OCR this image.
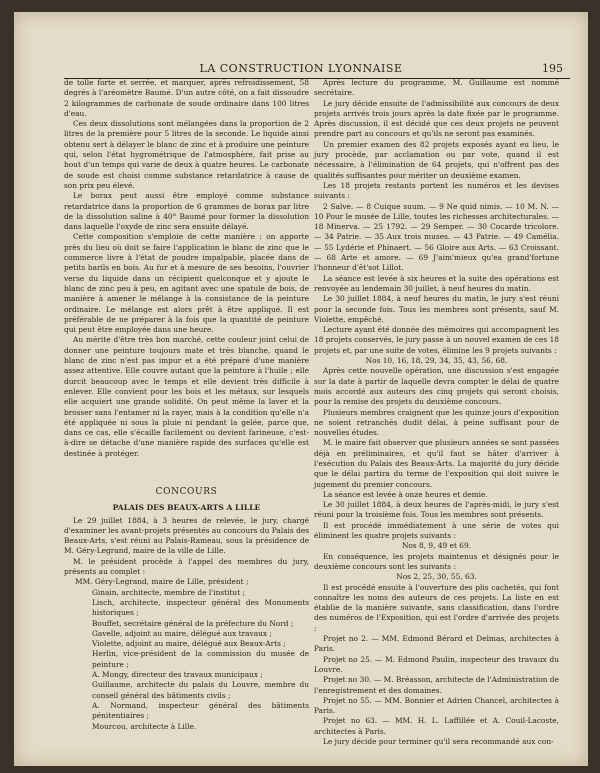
LA CONSTRUCTION LYONNAISE	195

de tolle forte et serrée, et marquer, après refroidissement, 58 degrés à l'aréomètre Baumé. D'un autre côté, on a fait dissoudre 2 kilogrammes de carbonate de soude ordinaire dans 100 litres d'eau.

Ces deux dissolutions sont mélangées dans la proportion de 2 litres de la première pour 5 litres de la seconde. Le liquide ainsi obtenu sert à délayer le blanc de zinc et à produire une peinture qui, selon l'état hygrométrique de l'atmosphère, fait prise au bout d'un temps qui varie de deux à quatre heures. Le carbonate de soude est choisi comme substance retardatrice à cause de son prix peu élevé.

Le borax peut aussi être employé comme substance retardatrice dans la proportion de 6 grammes de borax par litre de la dissolution saline à 40° Baumé pour former la dissolution dans laquelle l'oxyde de zinc sera ensuite délayé.

Cette composition s'emploie de cette manière : on apporte près du lieu où doit se faire l'application le blanc de zinc que le commerce livre à l'état de poudre impalpable, placée dans de petits barils en bois. Au fur et à mesure de ses besoins, l'ouvrier verse du liquide dans un récipient quelconque et y ajoute le blanc de zinc peu à peu, en agitant avec une spatule de bois, de manière à amener le mélange à la consistance de la peinture ordinaire. Le mélange est alors prêt à être appliqué. Il est préférable de ne préparer à la fois que la quantité de peinture qui peut être employée dans une heure.

Au mérite d'être très bon marché, cette couleur joint celui de donner une peinture toujours mate et très blanche, quand le blanc de zinc n'est pas impur et a été préparé d'une manière assez attentive. Elle couvre autant que la peinture à l'huile ; elle durcit beaucoup avec le temps et elle devient très difficile à enlever. Elle convient pour les bois et les métaux, sur lesquels elle acquiert une grande solidité. On peut même la laver et la brosser sans l'entamer ni la rayer, mais à la condition qu'elle n'a été appliquée ni sous la pluie ni pendant la gelée, parce que, dans ce cas, elle s'écaille facilement ou devient farineuse, c'est-à-dire se détache d'une manière rapide des surfaces qu'elle est destinée à protéger.

CONCOURS
PALAIS DES BEAUX-ARTS A LILLE

Le 29 juillet 1884, à 3 heures de relevée, le jury, chargé d'examiner les avant-projets présentés au concours du Palais des Beaux-Arts, s'est réuni au Palais-Rameau, sous la présidence de M. Géry-Legrand, maire de la ville de Lille.

M. le président procède à l'appel des membres du jury, présents au complet :

MM. Géry-Legrand, maire de Lille, président ;

Ginain, architecte, membre de l'institut ;

Lisch, architecte, inspecteur général des Monuments historiques ;

Bouffet, secrétaire général de la préfecture du Nord ;

Gavelle, adjoint au maire, délégué aux travaux ;

Violette, adjoint au maire, délégué aux Beaux-Arts ;

Herlin, vice-président de la commission du musée de peinture ;

A. Mongy, directeur des travaux municipaux ;

Guillaume, architecte du palais du Louvre, membre du conseil général des bâtiments civils ;

A. Normand, inspecteur général des bâtiments pénitentiaires ;

Mourcou, architecte à Lille.

Après lecture du programme, M. Guillaume est nommé secrétaire.

Le jury décide ensuite de l'admissibilité aux concours de deux projets arrivés trois jours après la date fixée par le programme. Après discussion, il est décidé que ces deux projets ne peuvent prendre part au concours et qu'ils ne seront pas examinés.

Un premier examen des 82 projets exposés ayant eu lieu, le jury procède, par acclamation ou par vote, quand il est nécessaire, à l'élimination de 64 projets, qui n'offrent pas des qualités suffisantes pour mériter un deuxième examen.

Les 18 projets restants portent les numéros et les devises suivants :

2 Salve. — 8 Cuique suum. — 9 Ne quid nimis. — 10 M. N. — 10 Pour le musée de Lille, toutes les richesses architecturales. — 18 Minerva. — 25 1792. — 29 Semper. — 30 Cocarde tricolore. — 34 Patrie. — 35 Aux trois muses. — 43 Patrie. — 49 Camélia. — 55 Lydérie et Phinaert. — 56 Gloire aux Arts. — 63 Croissant. — 68 Arte et amore. — 69 J'aim'mieux qu'ea grand'fortune l'honneur d'êt'sot Lillot.

La séance est levée à six heures et la suite des opérations est renvoyée au lendemain 30 juillet, à neuf heures du matin.

Le 30 juillet 1884, à neuf heures du matin, le jury s'est réuni pour la seconde fois. Tous les membres sont présents, sauf M. Violette, empêché.

Lecture ayant été donnée des mémoires qui accompagnent les 18 projets conservés, le jury passe à un nouvel examen de ces 18 projets et, par une suite de votes, élimine les 9 projets suivants :

Nos 10, 16, 18, 29, 34, 35, 43, 56, 68.

Après cette nouvelle opération, une discussion s'est engagée sur la date à partir de laquelle devra compter le délai de quatre mois accordé aux auteurs des cinq projets qui seront choisis, pour la remise des projets du deuxième concours.

Plusieurs membres craignent que les quinze jours d'exposition ne soient retranchés dudit délai, à peine suffisant pour de nouvelles études.

M. le maire fait observer que plusieurs années se sont passées déjà en préliminaires, et qu'il faut se hâter d'arriver à l'exécution du Palais des Beaux-Arts. La majorité du jury décide que le délai partira du terme de l'exposition qui doit suivre le jugement du premier concours.

La séance est levée à onze heures et demie.

Le 30 juillet 1884, à deux heures de l'après-midi, le jury s'est réuni pour la troisième fois. Tous les membres sont présents.

Il est procédé immédiatement à une série de votes qui éliminent les quatre projets suivants :

Nos 8, 9, 49 et 69.

En conséquence, les projets maintenus et désignés pour le deuxième concours sont les suivants :

Nos 2, 25, 30, 55, 63.

Il est procédé ensuite à l'ouverture des plis cachetés, qui font connaître les noms des auteurs de ces projets. La liste en est établie de la manière suivante, sans classification, dans l'ordre des numéros de l'Exposition, qui est l'ordre d'arrivée des projets :

Projet no 2. — MM. Edmond Bérard et Delmas, architectes à Paris.

Projet no 25. — M. Edmond Paulin, inspecteur des travaux du Louvre.

Projet no 30. — M. Bréasson, architecte de l'Administration de l'enregistrement et des domaines.

Projet no 55. — MM. Bonnier et Adrien Chancel, architectes à Paris.

Projet no 63. — MM. H. L. Laffillée et A. Couil-Lacoste, architectes à Paris.

Le jury décide pour terminer qu'il sera recommandé aux con-
